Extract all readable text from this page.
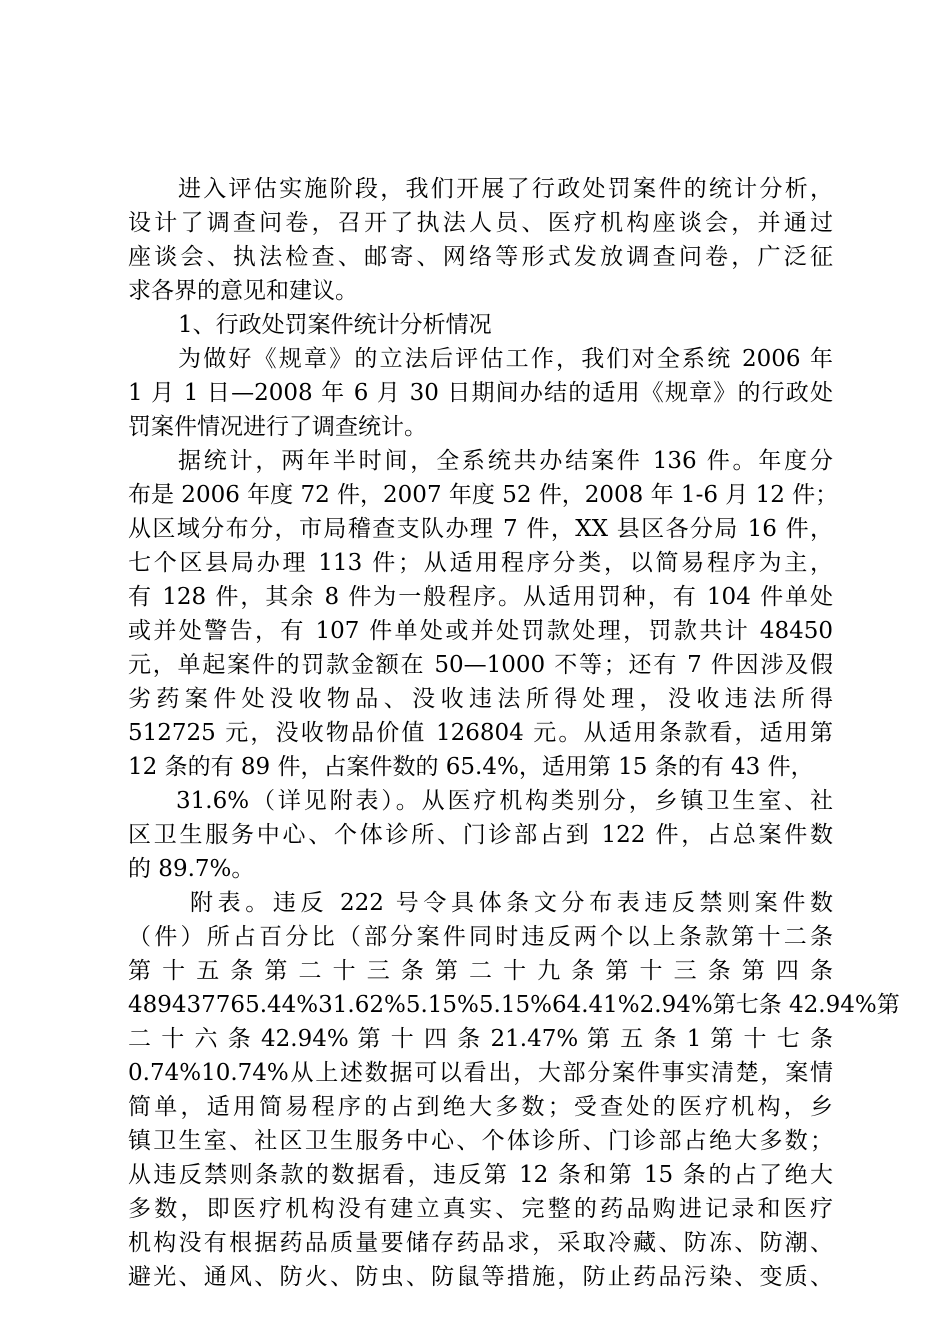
进入评估实施阶段，我们开展了行政处罚案件的统计分析，
设计了调查问卷，召开了执法人员、医疗机构座谈会，并通过
座谈会、执法检查、邮寄、网络等形式发放调查问卷，广泛征
求各界的意见和建议。
1、行政处罚案件统计分析情况
为做好《规章》的立法后评估工作，我们对全系统 2006 年
1 月 1 日—2008 年 6 月 30 日期间办结的适用《规章》的行政处
罚案件情况进行了调查统计。
据统计，两年半时间，全系统共办结案件 136 件。年度分
布是 2006 年度 72 件，2007 年度 52 件，2008 年 1-6 月 12 件；
从区域分布分，市局稽查支队办理 7 件，XX 县区各分局 16 件，
七个区县局办理 113 件；从适用程序分类，以简易程序为主，
有 128 件，其余 8 件为一般程序。从适用罚种，有 104 件单处
或并处警告，有 107 件单处或并处罚款处理，罚款共计 48450
元，单起案件的罚款金额在 50—1000 不等；还有 7 件因涉及假
劣药案件处没收物品、没收违法所得处理，没收违法所得
512725 元，没收物品价值 126804 元。从适用条款看，适用第
12 条的有 89 件，占案件数的 65.4%，适用第 15 条的有 43 件，
31.6%（详见附表）。从医疗机构类别分，乡镇卫生室、社
区卫生服务中心、个体诊所、门诊部占到 122 件，占总案件数
的 89.7%。
附表。违反 222 号令具体条文分布表违反禁则案件数
（件）所占百分比（部分案件同时违反两个以上条款第十二条
第 十 五 条 第 二 十 三 条 第 二 十 九 条 第 十 三 条 第 四 条
489437765.44%31.62%5.15%5.15%64.41%2.94%第七条 42.94%第
二 十 六 条 42.94% 第 十 四 条 21.47% 第 五 条 1 第 十 七 条
0.74%10.74%从上述数据可以看出，大部分案件事实清楚，案情
简单，适用简易程序的占到绝大多数；受查处的医疗机构，乡
镇卫生室、社区卫生服务中心、个体诊所、门诊部占绝大多数；
从违反禁则条款的数据看，违反第 12 条和第 15 条的占了绝大
多数，即医疗机构没有建立真实、完整的药品购进记录和医疗
机构没有根据药品质量要储存药品求，采取冷藏、防冻、防潮、
避光、通风、防火、防虫、防鼠等措施，防止药品污染、变质、
